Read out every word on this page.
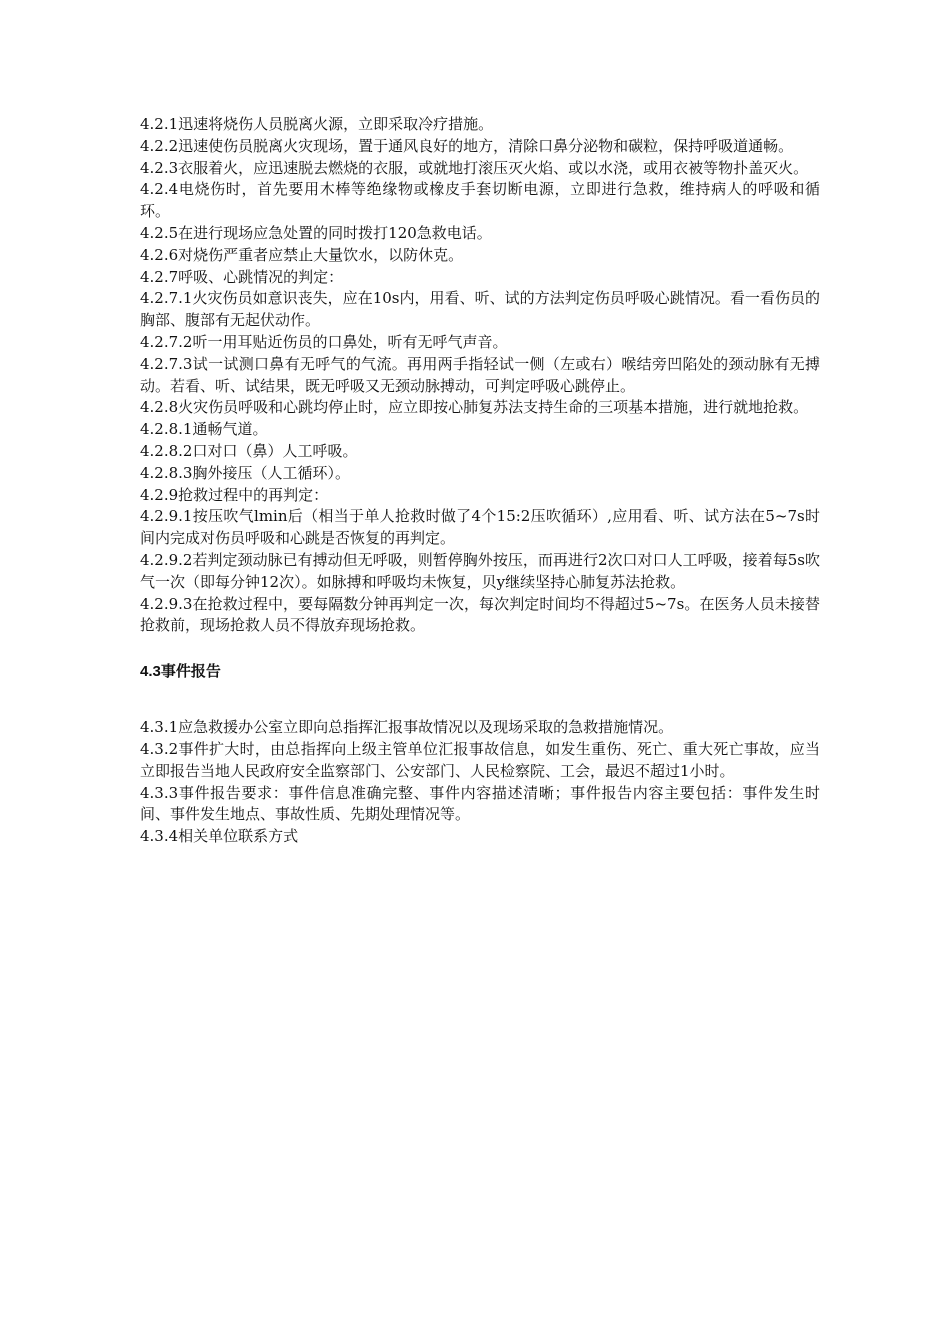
4.2.1迅速将烧伤人员脱离火源，立即采取冷疗措施。

4.2.2迅速使伤员脱离火灾现场，置于通风良好的地方，清除口鼻分泌物和碳粒，保持呼吸道通畅。

4.2.3衣服着火，应迅速脱去燃烧的衣服，或就地打滚压灭火焰、或以水浇，或用衣被等物扑盖灭火。

4.2.4电烧伤时，首先要用木棒等绝缘物或橡皮手套切断电源，立即进行急救，维持病人的呼吸和循环。

4.2.5在进行现场应急处置的同时拨打120急救电话。

4.2.6对烧伤严重者应禁止大量饮水，以防休克。

4.2.7呼吸、心跳情况的判定：

4.2.7.1火灾伤员如意识丧失，应在10s内，用看、听、试的方法判定伤员呼吸心跳情况。看一看伤员的胸部、腹部有无起伏动作。

4.2.7.2听一用耳贴近伤员的口鼻处，听有无呼气声音。

4.2.7.3试一试测口鼻有无呼气的气流。再用两手指轻试一侧（左或右）喉结旁凹陷处的颈动脉有无搏动。若看、听、试结果，既无呼吸又无颈动脉搏动，可判定呼吸心跳停止。

4.2.8火灾伤员呼吸和心跳均停止时，应立即按心肺复苏法支持生命的三项基本措施，进行就地抢救。

4.2.8.1通畅气道。

4.2.8.2口对口（鼻）人工呼吸。

4.2.8.3胸外接压（人工循环）。

4.2.9抢救过程中的再判定：

4.2.9.1按压吹气lmin后（相当于单人抢救时做了4个15:2压吹循环）,应用看、听、试方法在5~7s时间内完成对伤员呼吸和心跳是否恢复的再判定。

4.2.9.2若判定颈动脉已有搏动但无呼吸，则暂停胸外按压，而再进行2次口对口人工呼吸，接着每5s吹气一次（即每分钟12次）。如脉搏和呼吸均未恢复，贝y继续坚持心肺复苏法抢救。

4.2.9.3在抢救过程中，要每隔数分钟再判定一次，每次判定时间均不得超过5~7s。在医务人员未接替抢救前，现场抢救人员不得放弃现场抢救。

4.3事件报告

4.3.1应急救援办公室立即向总指挥汇报事故情况以及现场采取的急救措施情况。

4.3.2事件扩大时，由总指挥向上级主管单位汇报事故信息，如发生重伤、死亡、重大死亡事故，应当立即报告当地人民政府安全监察部门、公安部门、人民检察院、工会，最迟不超过1小时。

4.3.3事件报告要求：事件信息准确完整、事件内容描述清晰；事件报告内容主要包括：事件发生时间、事件发生地点、事故性质、先期处理情况等。

4.3.4相关单位联系方式
